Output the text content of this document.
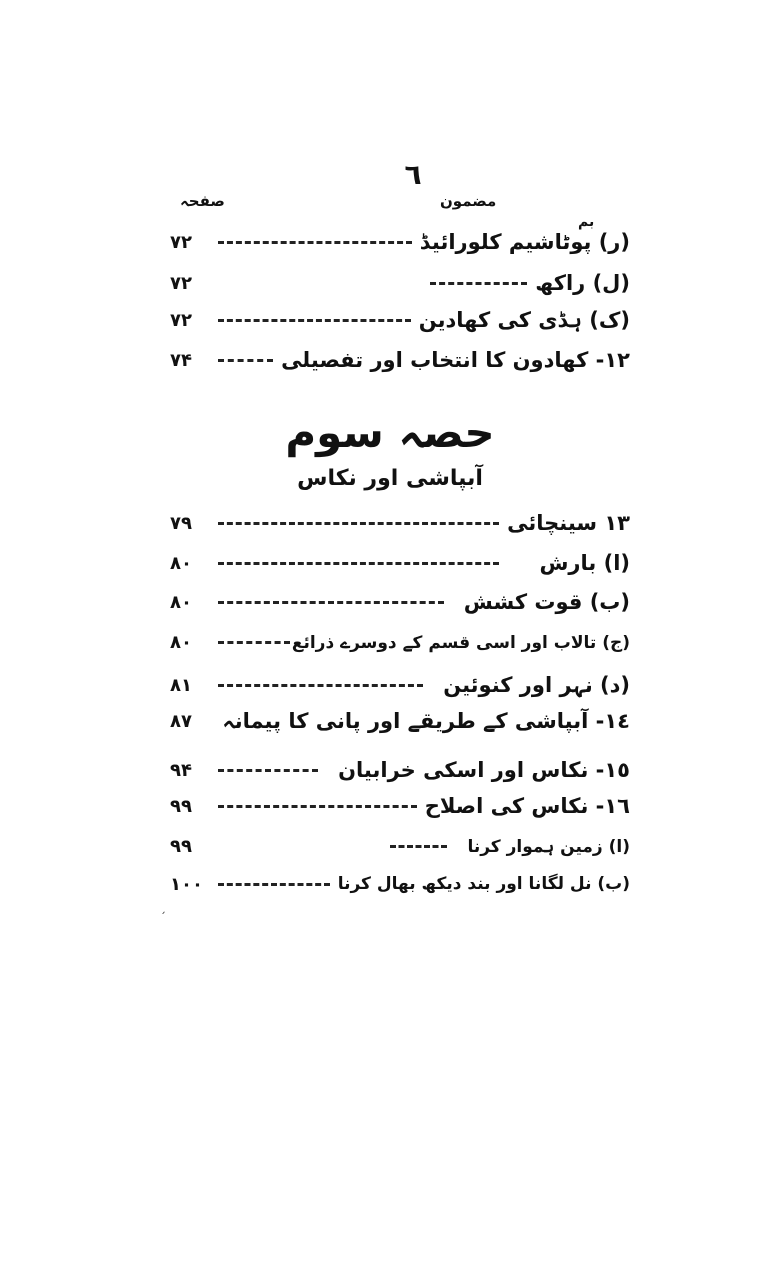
٦
مضمون
صفحہ
بم
۷۲	(ر) پوٹاشیم کلورائیڈ
۷۲	(ل) راکھ
۷۲	(ک) ہڈی کی کھادین
۷۴	١٢- کھادون کا انتخاب اور تفصیلی
حصہ سوم
آبپاشی اور نکاس
۷۹	١٣ سینچائی
۸۰	(ا) بارش
۸۰	(ب) قوت کشش
۸۰	(ج) تالاب اور اسی قسم کے دوسرے ذرائع
۸۱	(د) نہر اور کنوئین
۸۷	١٤- آبپاشی کے طریقے اور پانی کا پیمانہ
۹۴	١٥- نکاس اور اسکی خرابیان
۹۹	١٦- نکاس کی اصلاح
۹۹	(ا) زمین ہموار کرنا
۱۰۰	(ب) نل لگانا اور بند دیکھ بھال کرنا
ˏ
